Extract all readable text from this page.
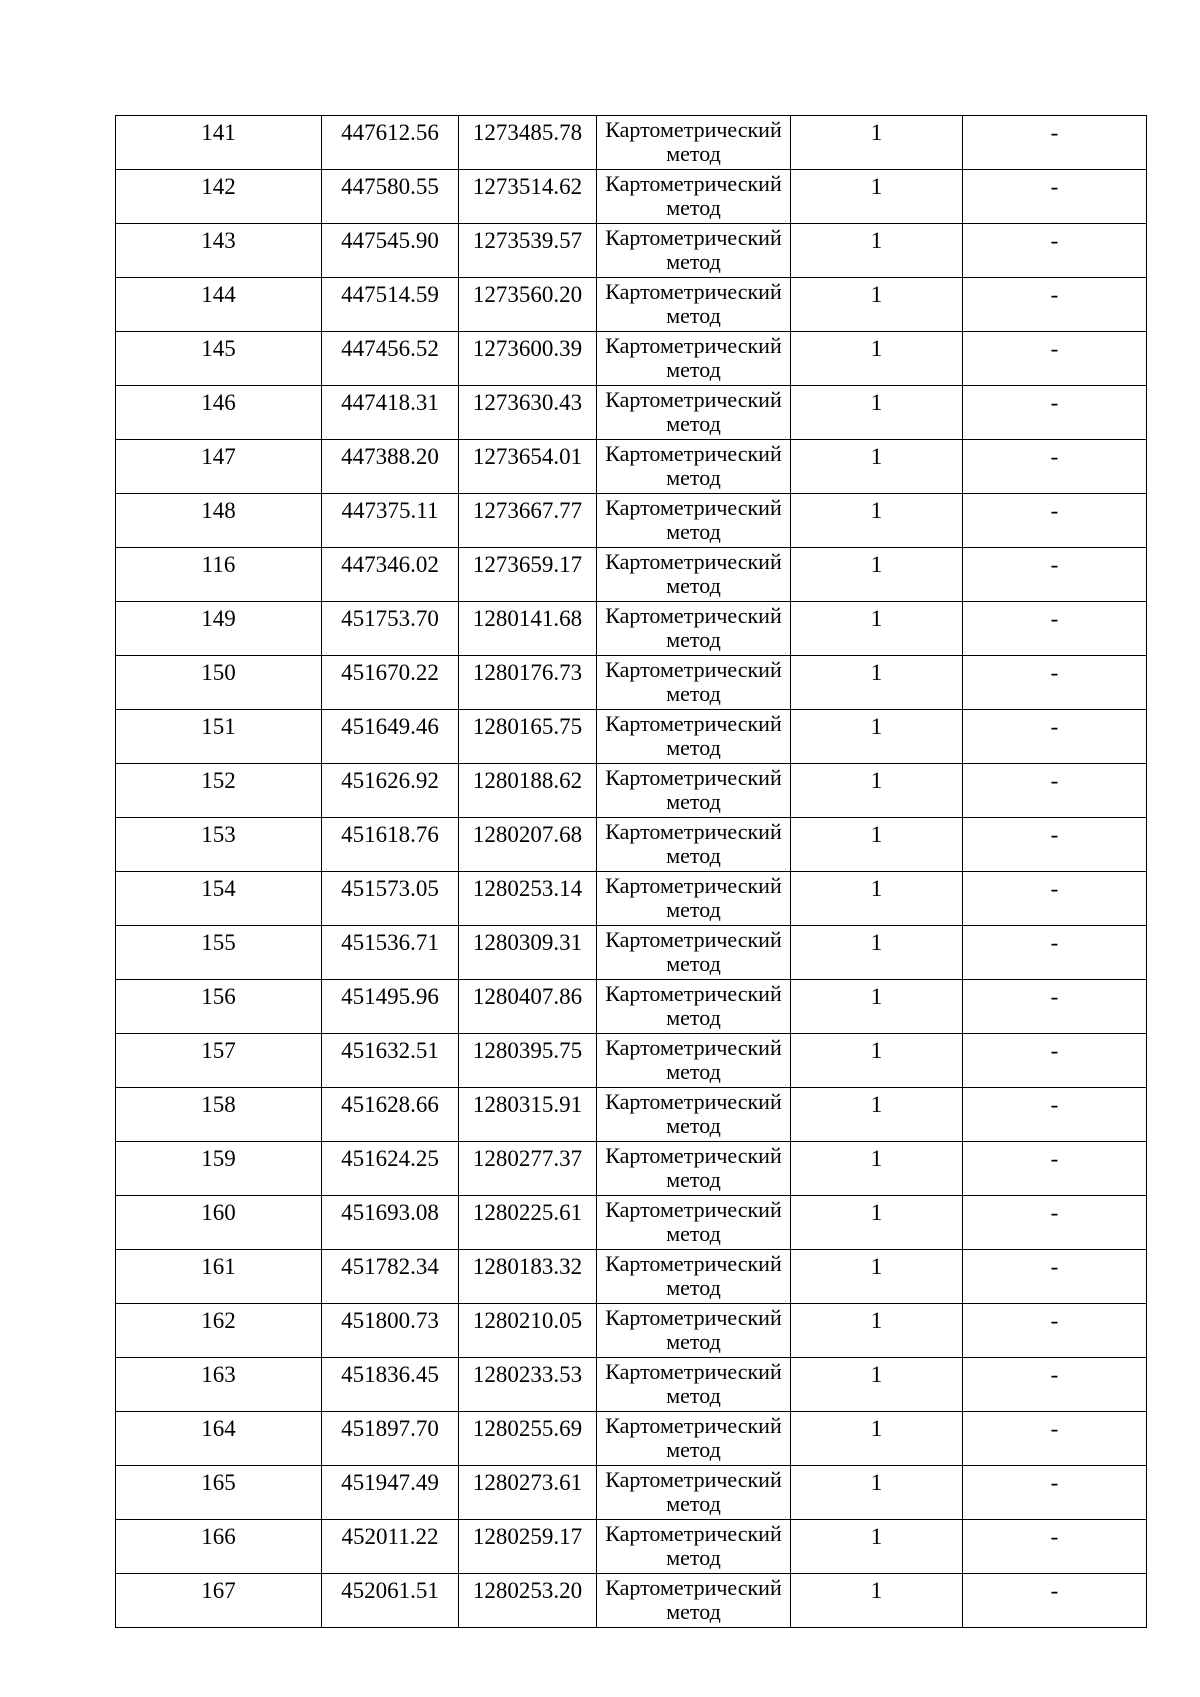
141	447612.56	1273485.78	Картометрический
метод	1	-
142	447580.55	1273514.62	Картометрический
метод	1	-
143	447545.90	1273539.57	Картометрический
метод	1	-
144	447514.59	1273560.20	Картометрический
метод	1	-
145	447456.52	1273600.39	Картометрический
метод	1	-
146	447418.31	1273630.43	Картометрический
метод	1	-
147	447388.20	1273654.01	Картометрический
метод	1	-
148	447375.11	1273667.77	Картометрический
метод	1	-
116	447346.02	1273659.17	Картометрический
метод	1	-
149	451753.70	1280141.68	Картометрический
метод	1	-
150	451670.22	1280176.73	Картометрический
метод	1	-
151	451649.46	1280165.75	Картометрический
метод	1	-
152	451626.92	1280188.62	Картометрический
метод	1	-
153	451618.76	1280207.68	Картометрический
метод	1	-
154	451573.05	1280253.14	Картометрический
метод	1	-
155	451536.71	1280309.31	Картометрический
метод	1	-
156	451495.96	1280407.86	Картометрический
метод	1	-
157	451632.51	1280395.75	Картометрический
метод	1	-
158	451628.66	1280315.91	Картометрический
метод	1	-
159	451624.25	1280277.37	Картометрический
метод	1	-
160	451693.08	1280225.61	Картометрический
метод	1	-
161	451782.34	1280183.32	Картометрический
метод	1	-
162	451800.73	1280210.05	Картометрический
метод	1	-
163	451836.45	1280233.53	Картометрический
метод	1	-
164	451897.70	1280255.69	Картометрический
метод	1	-
165	451947.49	1280273.61	Картометрический
метод	1	-
166	452011.22	1280259.17	Картометрический
метод	1	-
167	452061.51	1280253.20	Картометрический
метод	1	-
